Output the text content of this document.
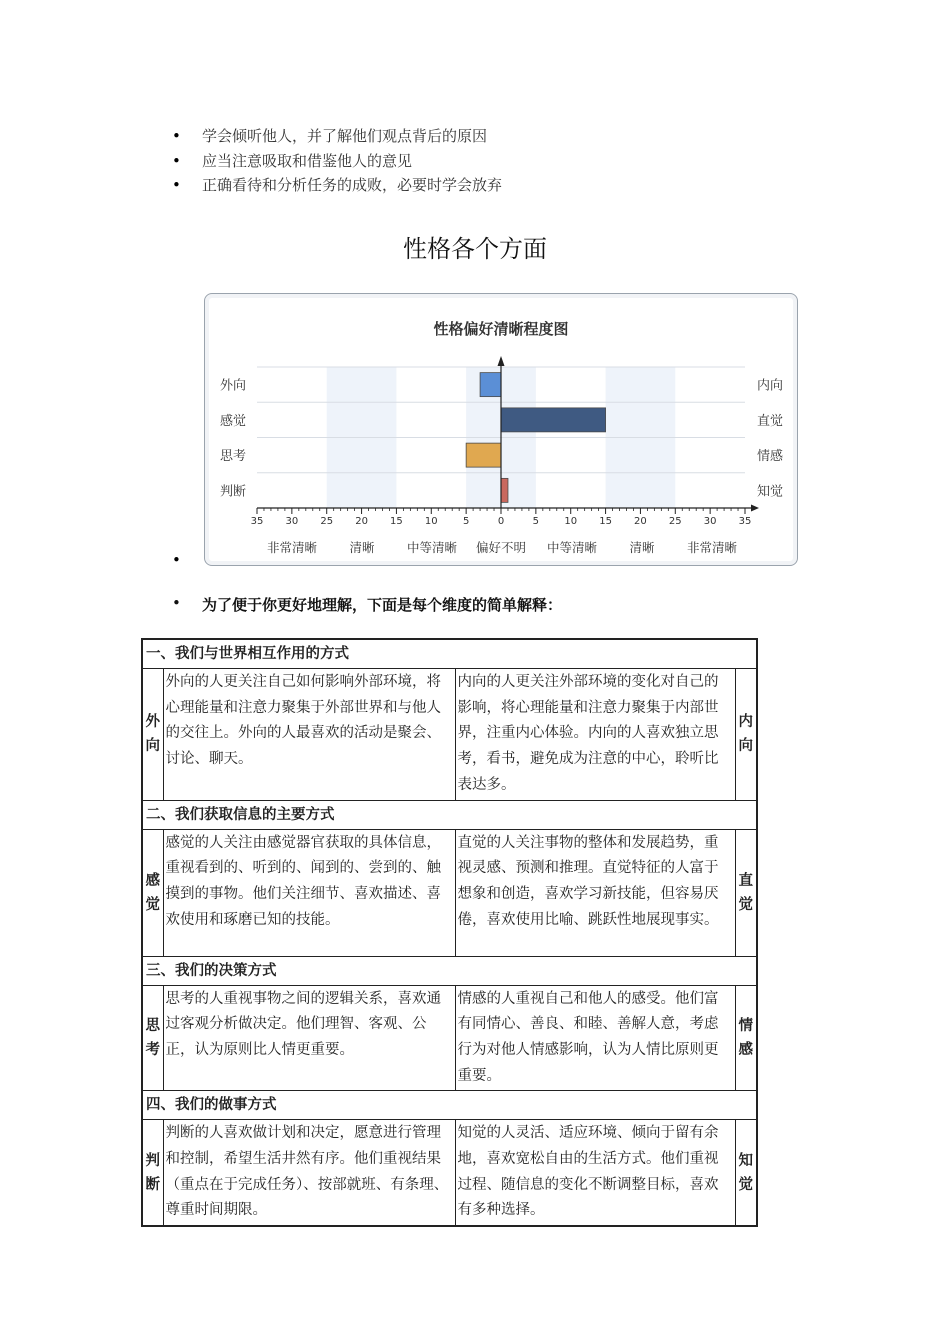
• 学会倾听他人，并了解他们观点背后的原因
• 应当注意吸取和借鉴他人的意见
• 正确看待和分析任务的成败，必要时学会放弃
性格各个方面
•
性格偏好清晰程度图
外向	内向
感觉	直觉
思考	情感
判断	知觉
35 30 25 20 15 10	5	0	5	10 15 20 25 30 35
非常清晰	清晰	中等清晰 偏好不明 中等清晰	清晰	非常清晰
• 为了便于你更好地理解，下面是每个维度的简单解释：
一、我们与世界相互作用的方式			
外向	外向的人更关注自己如何影响外部环境，将心理能量和注意力聚集于外部世界和与他人的交往上。外向的人最喜欢的活动是聚会、讨论、聊天。	内向的人更关注外部环境的变化对自己的影响，将心理能量和注意力聚集于内部世界，注重内心体验。内向的人喜欢独立思考，看书，避免成为注意的中心，聆听比表达多。	内向
二、我们获取信息的主要方式			
感觉	感觉的人关注由感觉器官获取的具体信息，重视看到的、听到的、闻到的、尝到的、触摸到的事物。他们关注细节、喜欢描述、喜欢使用和琢磨已知的技能。	直觉的人关注事物的整体和发展趋势，重视灵感、预测和推理。直觉特征的人富于想象和创造，喜欢学习新技能，但容易厌倦，喜欢使用比喻、跳跃性地展现事实。	直觉
三、我们的决策方式			
思考	思考的人重视事物之间的逻辑关系，喜欢通过客观分析做决定。他们理智、客观、公正，认为原则比人情更重要。	情感的人重视自己和他人的感受。他们富有同情心、善良、和睦、善解人意，考虑行为对他人情感影响，认为人情比原则更重要。	情感
四、我们的做事方式			
判断	判断的人喜欢做计划和决定，愿意进行管理和控制，希望生活井然有序。他们重视结果（重点在于完成任务）、按部就班、有条理、尊重时间期限。	知觉的人灵活、适应环境、倾向于留有余地，喜欢宽松自由的生活方式。他们重视过程、随信息的变化不断调整目标，喜欢有多种选择。	知觉
